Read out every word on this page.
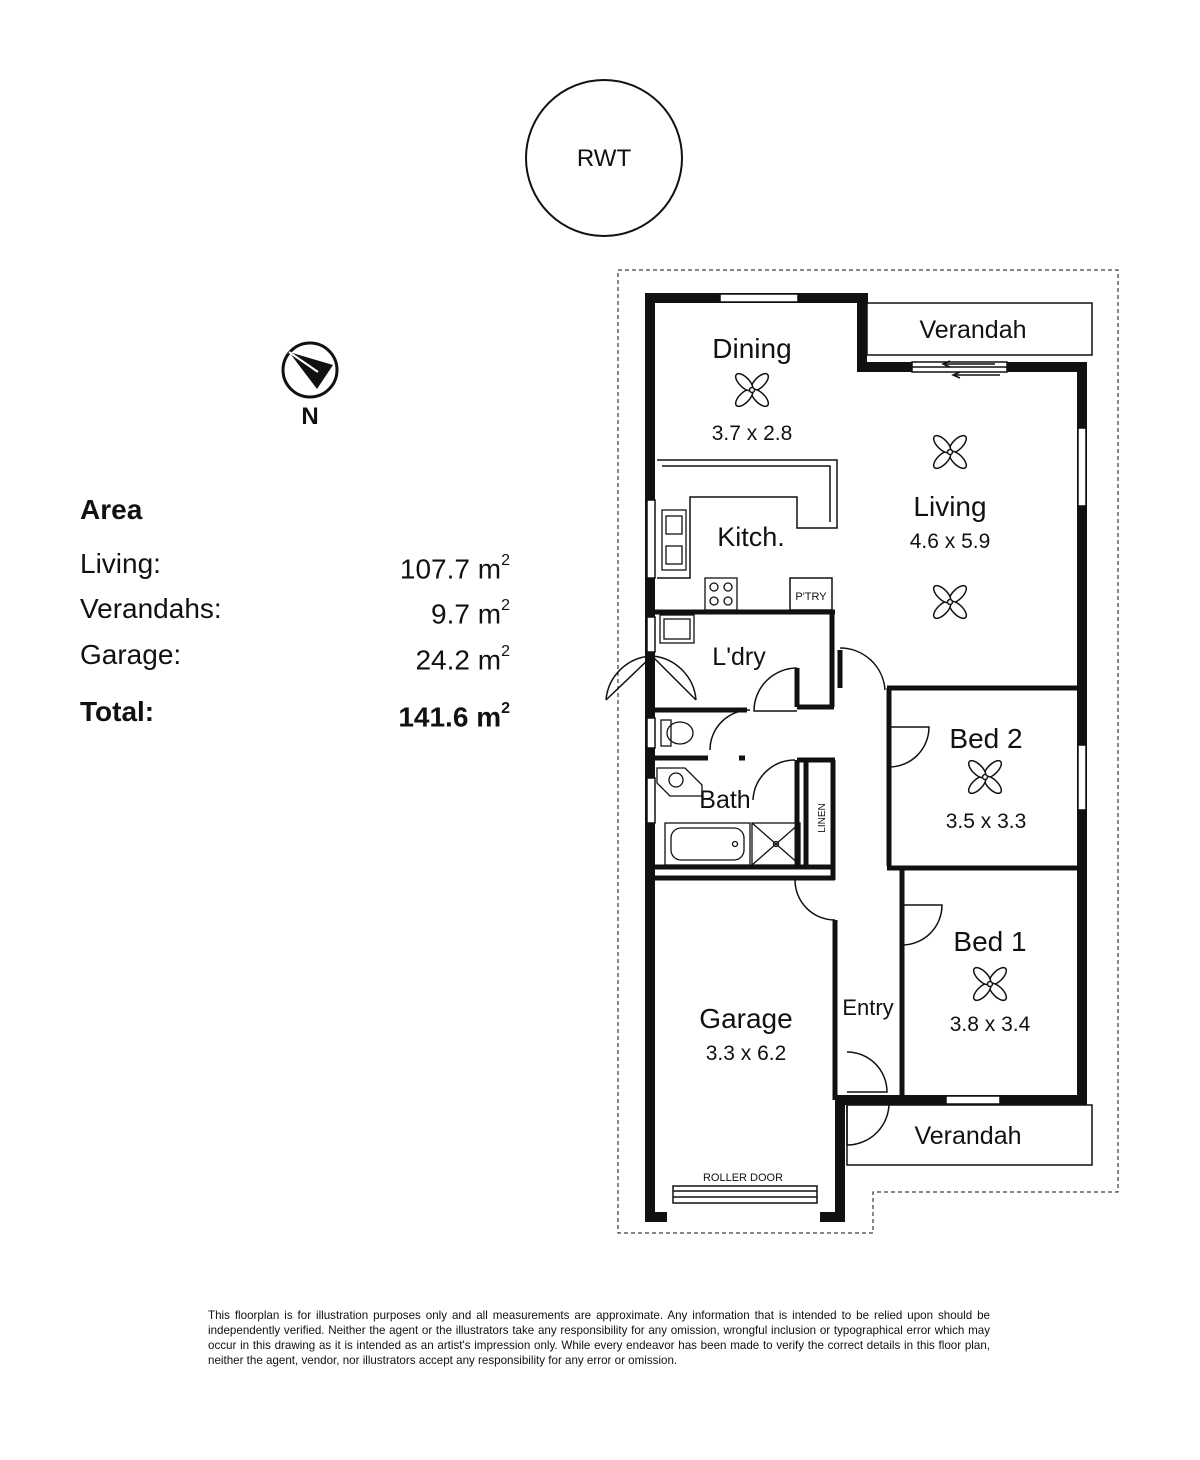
RWT
N
Verandah
Dining
3.7 x 2.8
Living
4.6 x 5.9
Kitch.
P'TRY
L'dry
Bath
LINEN
Bed 2
3.5 x 3.3
Bed 1
3.8 x 3.4
Garage
3.3 x 6.2
Entry
Verandah
ROLLER DOOR
Area
Living:	107.7 $m^2$
Verandahs:	9.7 $m^2$
Garage:	24.2 $m^2$
Total:	141.6 $m^2$
This floorplan is for illustration purposes only and all measurements are approximate. Any information that is intended to be relied upon should be independently verified. Neither the agent or the illustrators take any responsibility for any omission, wrongful inclusion or typographical error which may occur in this drawing as it is intended as an artist's impression only. While every endeavor has been made to verify the correct details in this floor plan, neither the agent, vendor, nor illustrators accept any responsibility for any error or omission.
